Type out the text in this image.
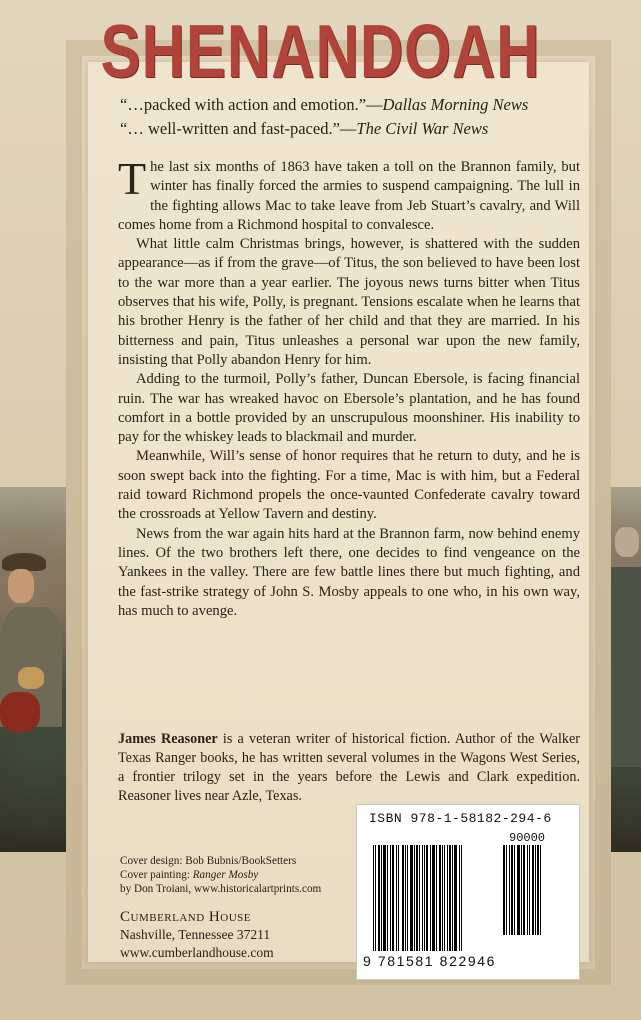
SHENANDOAH
“…packed with action and emotion.”—Dallas Morning News
“… well-written and fast-paced.”—The Civil War News

The last six months of 1863 have taken a toll on the Brannon family, but winter has finally forced the armies to suspend campaigning. The lull in the fighting allows Mac to take leave from Jeb Stuart’s cavalry, and Will comes home from a Richmond hospital to convalesce.

What little calm Christmas brings, however, is shattered with the sudden appearance—as if from the grave—of Titus, the son believed to have been lost to the war more than a year earlier. The joyous news turns bitter when Titus observes that his wife, Polly, is pregnant. Tensions escalate when he learns that his brother Henry is the father of her child and that they are married. In his bitterness and pain, Titus unleashes a personal war upon the new family, insisting that Polly abandon Henry for him.

Adding to the turmoil, Polly’s father, Duncan Ebersole, is facing financial ruin. The war has wreaked havoc on Ebersole’s plantation, and he has found comfort in a bottle provided by an unscrupulous moonshiner. His inability to pay for the whiskey leads to blackmail and murder.

Meanwhile, Will’s sense of honor requires that he return to duty, and he is soon swept back into the fighting. For a time, Mac is with him, but a Federal raid toward Richmond propels the once-vaunted Confederate cavalry toward the crossroads at Yellow Tavern and destiny.

News from the war again hits hard at the Brannon farm, now behind enemy lines. Of the two brothers left there, one decides to find vengeance on the Yankees in the valley. There are few battle lines there but much fighting, and the fast-strike strategy of John S. Mosby appeals to one who, in his own way, has much to avenge.

James Reasoner is a veteran writer of historical fiction. Author of the Walker Texas Ranger books, he has written several volumes in the Wagons West Series, a frontier trilogy set in the years before the Lewis and Clark expedition. Reasoner lives near Azle, Texas.
Cover design: Bob Bubnis/BookSetters
Cover painting: Ranger Mosby
by Don Troiani, www.historicalartprints.com
Cumberland House
Nashville, Tennessee 37211
www.cumberlandhouse.com
ISBN 978-1-58182-294-6
90000
9 781581 822946
